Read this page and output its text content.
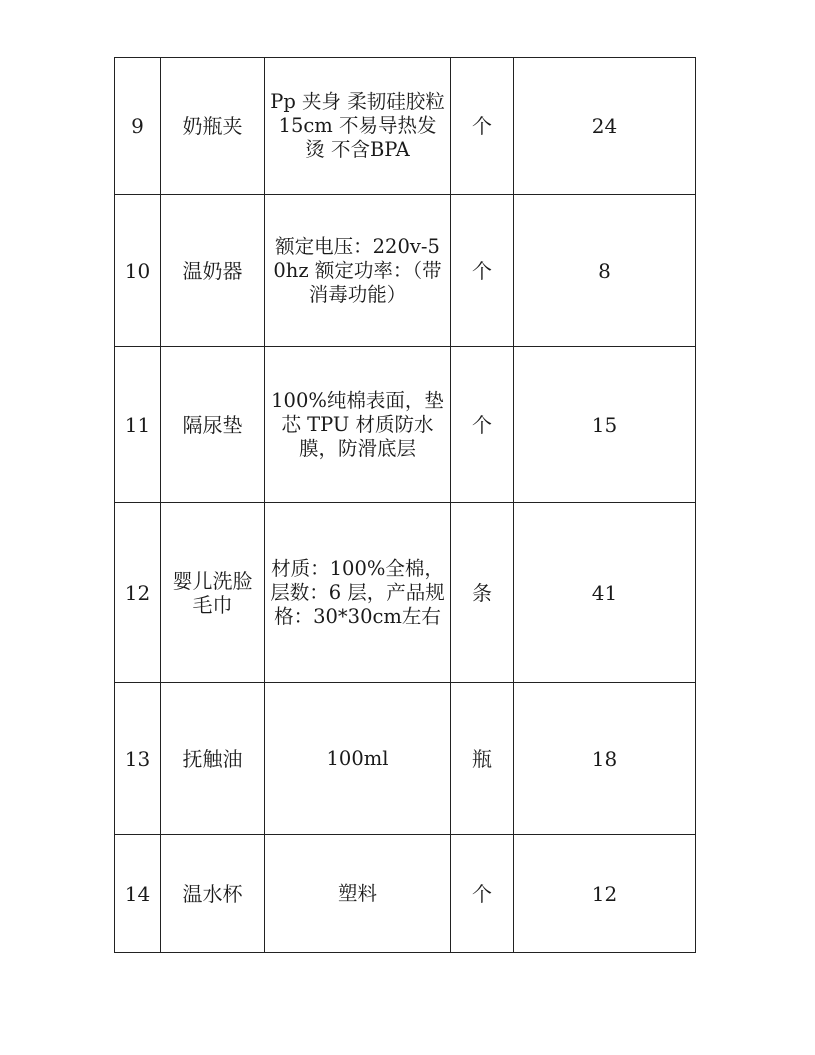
9	奶瓶夹	Pp 夹身 柔韧硅胶粒 15cm 不易导热发烫 不含BPA	个	24
10	温奶器	额定电压：220v-50hz 额定功率：（带消毒功能）	个	8
11	隔尿垫	100%纯棉表面，垫芯 TPU 材质防水膜，防滑底层	个	15
12	婴儿洗脸毛巾	材质：100%全棉，层数：6 层，产品规格：30*30cm左右	条	41
13	抚触油	100ml	瓶	18
14	温水杯	塑料	个	12
